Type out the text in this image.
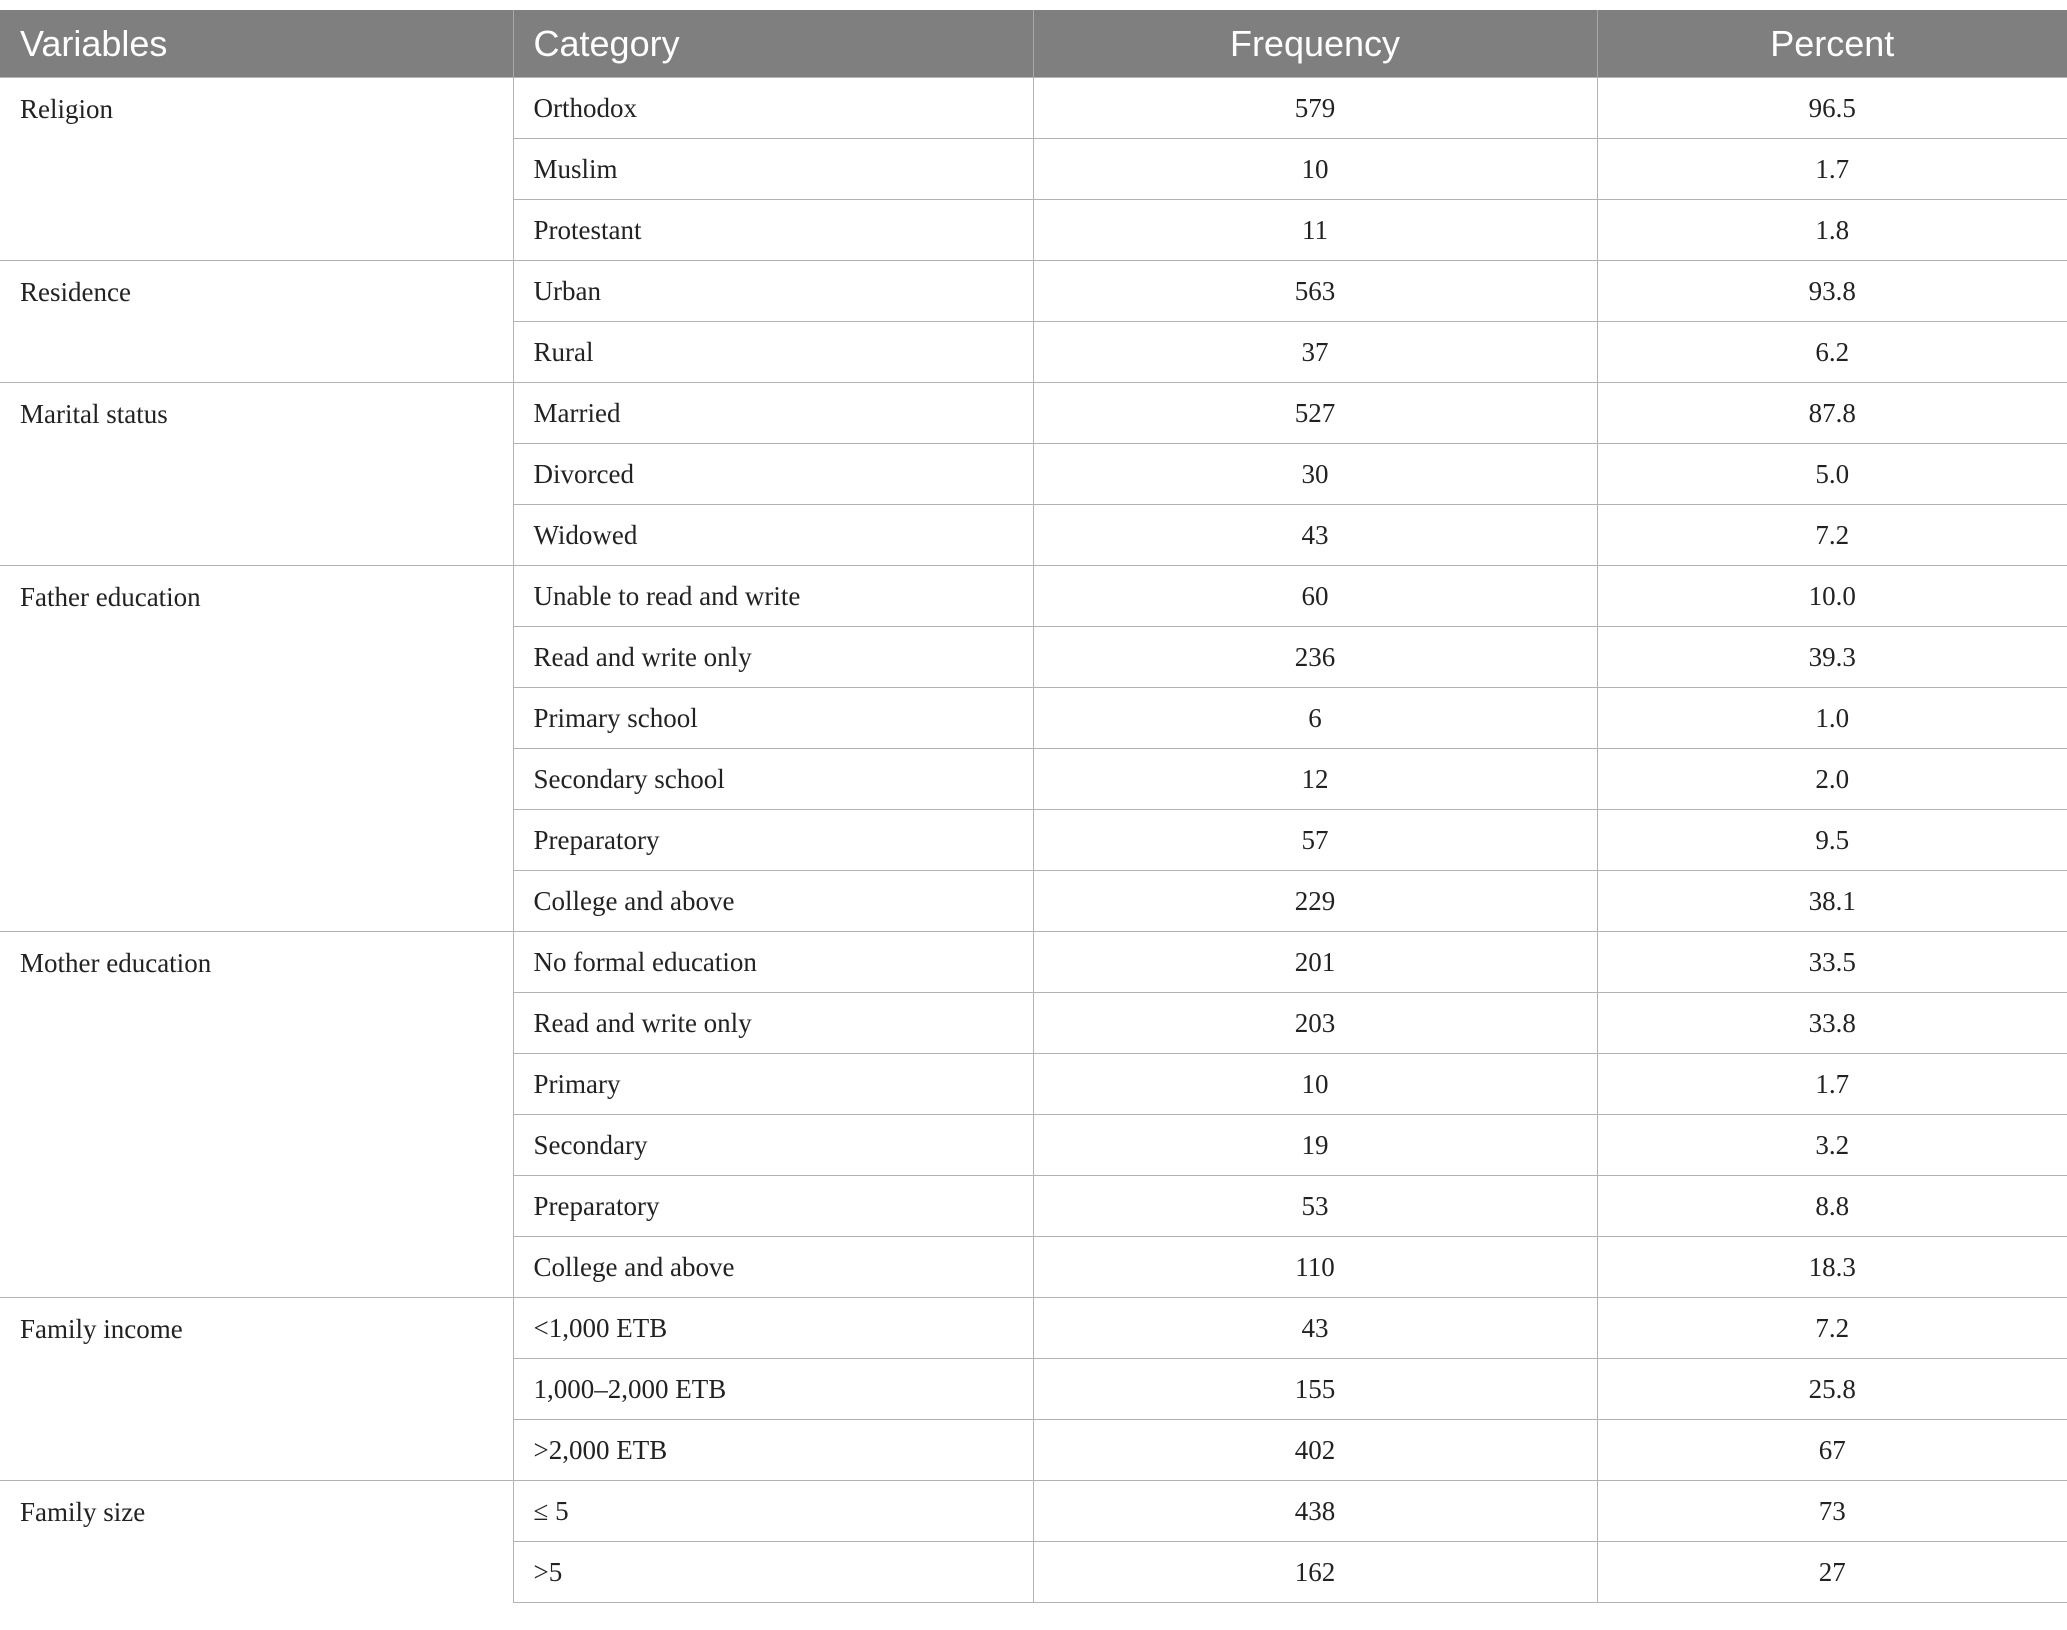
Variables	Category	Frequency	Percent
Religion	Orthodox	579	96.5
	Muslim	10	1.7
	Protestant	11	1.8
Residence	Urban	563	93.8
	Rural	37	6.2
Marital status	Married	527	87.8
	Divorced	30	5.0
	Widowed	43	7.2
Father education	Unable to read and write	60	10.0
	Read and write only	236	39.3
	Primary school	6	1.0
	Secondary school	12	2.0
	Preparatory	57	9.5
	College and above	229	38.1
Mother education	No formal education	201	33.5
	Read and write only	203	33.8
	Primary	10	1.7
	Secondary	19	3.2
	Preparatory	53	8.8
	College and above	110	18.3
Family income	<1,000 ETB	43	7.2
	1,000–2,000 ETB	155	25.8
	>2,000 ETB	402	67
Family size	≤ 5	438	73
	>5	162	27
